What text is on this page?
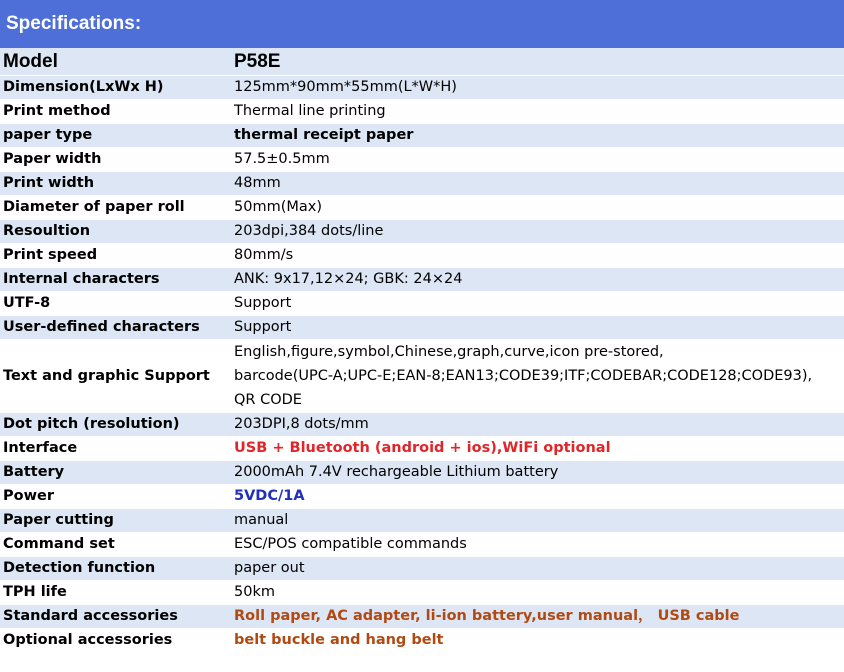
Specifications:
Model	P58E
Dimension(LxWx H)	125mm*90mm*55mm(L*W*H)
Print method	Thermal line printing
paper type	thermal receipt paper
Paper width	57.5±0.5mm
Print width	48mm
Diameter of paper roll	50mm(Max)
Resoultion	203dpi,384 dots/line
Print speed	80mm/s
Internal characters	ANK: 9x17,12×24; GBK: 24×24
UTF-8	Support
User-defined characters	Support
Text and graphic Support	English,figure,symbol,Chinese,graph,curve,icon pre-stored,
barcode(UPC-A;UPC-E;EAN-8;EAN13;CODE39;ITF;CODEBAR;CODE128;CODE93),
QR CODE

Dot pitch (resolution)	203DPI,8 dots/mm
Interface	USB + Bluetooth (android + ios),WiFi optional
Battery	2000mAh 7.4V rechargeable Lithium battery
Power	5VDC/1A
Paper cutting	manual
Command set	ESC/POS compatible commands
Detection function	paper out
TPH life	50km
Standard accessories	Roll paper, AC adapter, li-ion battery,user manual， USB cable
Optional accessories	belt buckle and hang belt
